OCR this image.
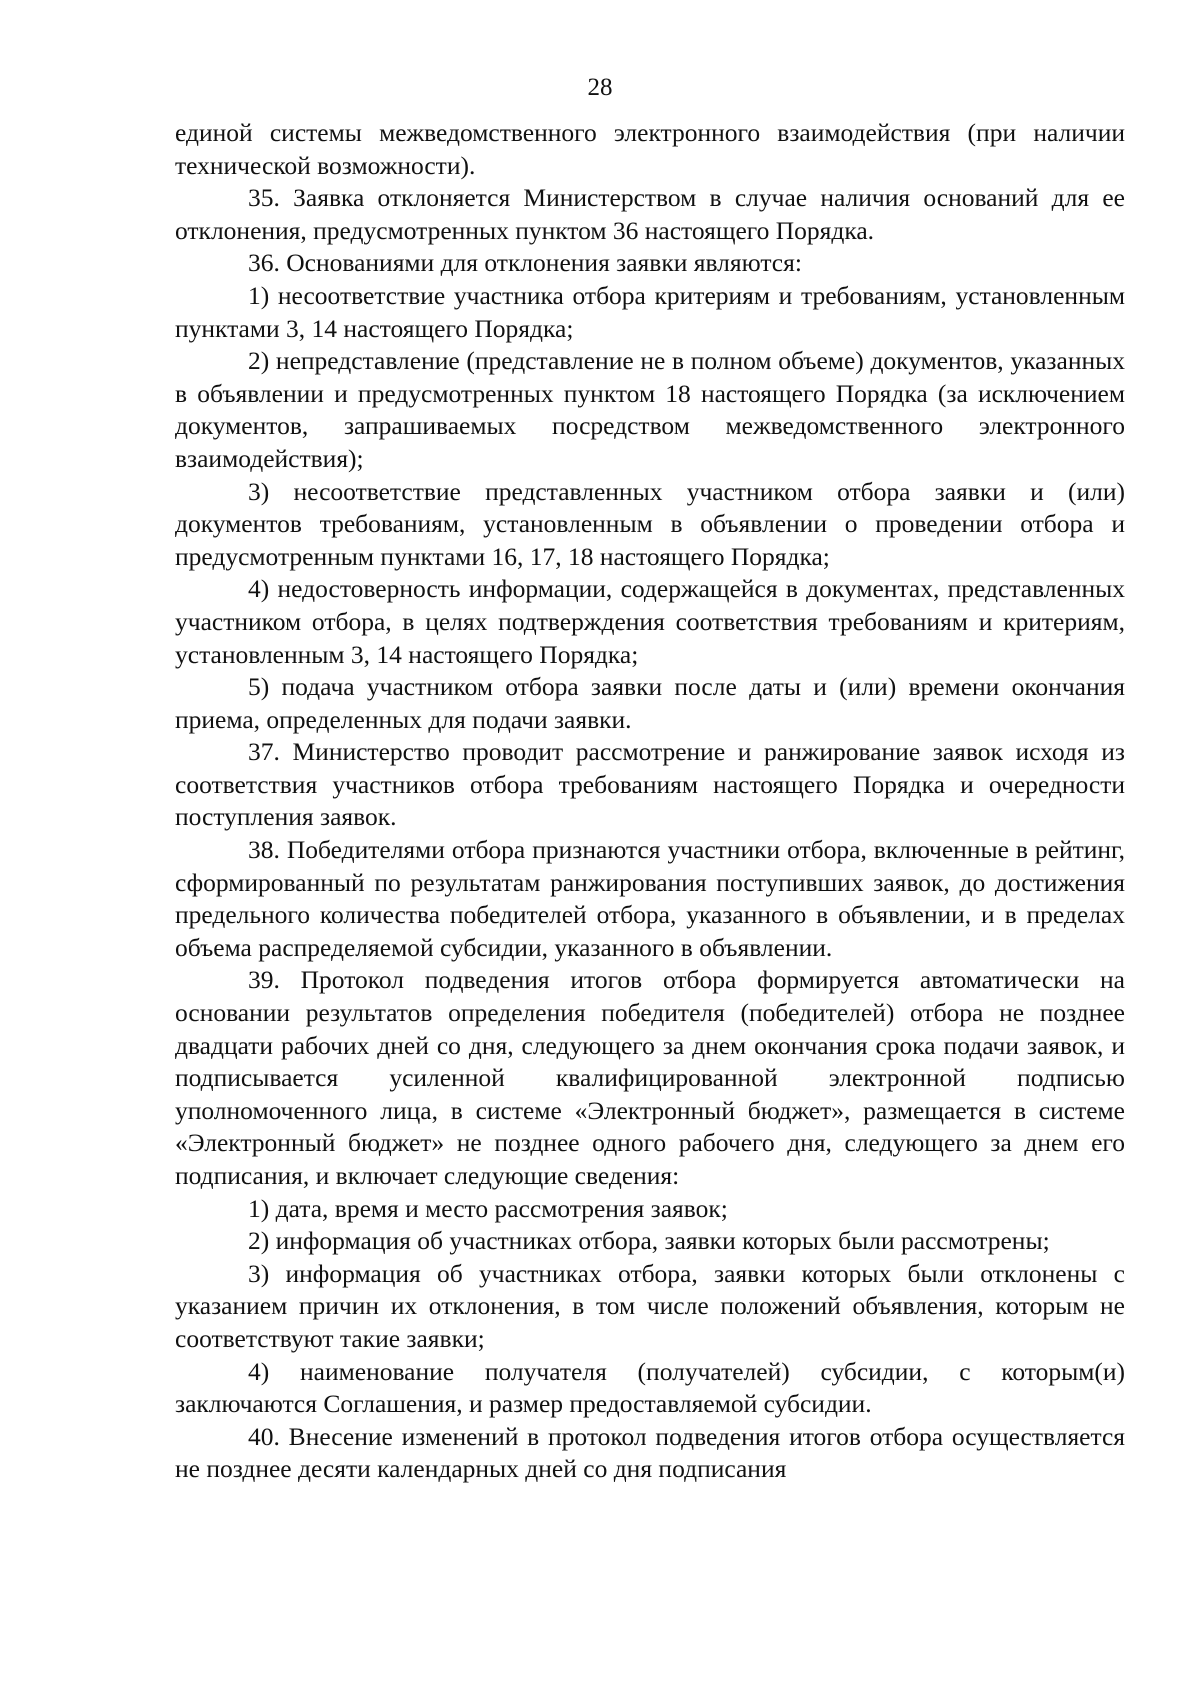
28

единой системы межведомственного электронного взаимодействия (при наличии технической возможности).

35. Заявка отклоняется Министерством в случае наличия оснований для ее отклонения, предусмотренных пунктом 36 настоящего Порядка.

36. Основаниями для отклонения заявки являются:

1) несоответствие участника отбора критериям и требованиям, установленным пунктами 3, 14 настоящего Порядка;

2) непредставление (представление не в полном объеме) документов, указанных в объявлении и предусмотренных пунктом 18 настоящего Порядка (за исключением документов, запрашиваемых посредством межведомственного электронного взаимодействия);

3) несоответствие представленных участником отбора заявки и (или) документов требованиям, установленным в объявлении о проведении отбора и предусмотренным пунктами 16, 17, 18 настоящего Порядка;

4) недостоверность информации, содержащейся в документах, представленных участником отбора, в целях подтверждения соответствия требованиям и критериям, установленным 3, 14 настоящего Порядка;

5) подача участником отбора заявки после даты и (или) времени окончания приема, определенных для подачи заявки.

37. Министерство проводит рассмотрение и ранжирование заявок исходя из соответствия участников отбора требованиям настоящего Порядка и очередности поступления заявок.

38. Победителями отбора признаются участники отбора, включенные в рейтинг, сформированный по результатам ранжирования поступивших заявок, до достижения предельного количества победителей отбора, указанного в объявлении, и в пределах объема распределяемой субсидии, указанного в объявлении.

39. Протокол подведения итогов отбора формируется автоматически на основании результатов определения победителя (победителей) отбора не позднее двадцати рабочих дней со дня, следующего за днем окончания срока подачи заявок, и подписывается усиленной квалифицированной электронной подписью уполномоченного лица, в системе «Электронный бюджет», размещается в системе «Электронный бюджет» не позднее одного рабочего дня, следующего за днем его подписания, и включает следующие сведения:

1) дата, время и место рассмотрения заявок;

2) информация об участниках отбора, заявки которых были рассмотрены;

3) информация об участниках отбора, заявки которых были отклонены с указанием причин их отклонения, в том числе положений объявления, которым не соответствуют такие заявки;

4) наименование получателя (получателей) субсидии, с которым(и) заключаются Соглашения, и размер предоставляемой субсидии.

40. Внесение изменений в протокол подведения итогов отбора осуществляется не позднее десяти календарных дней со дня подписания
